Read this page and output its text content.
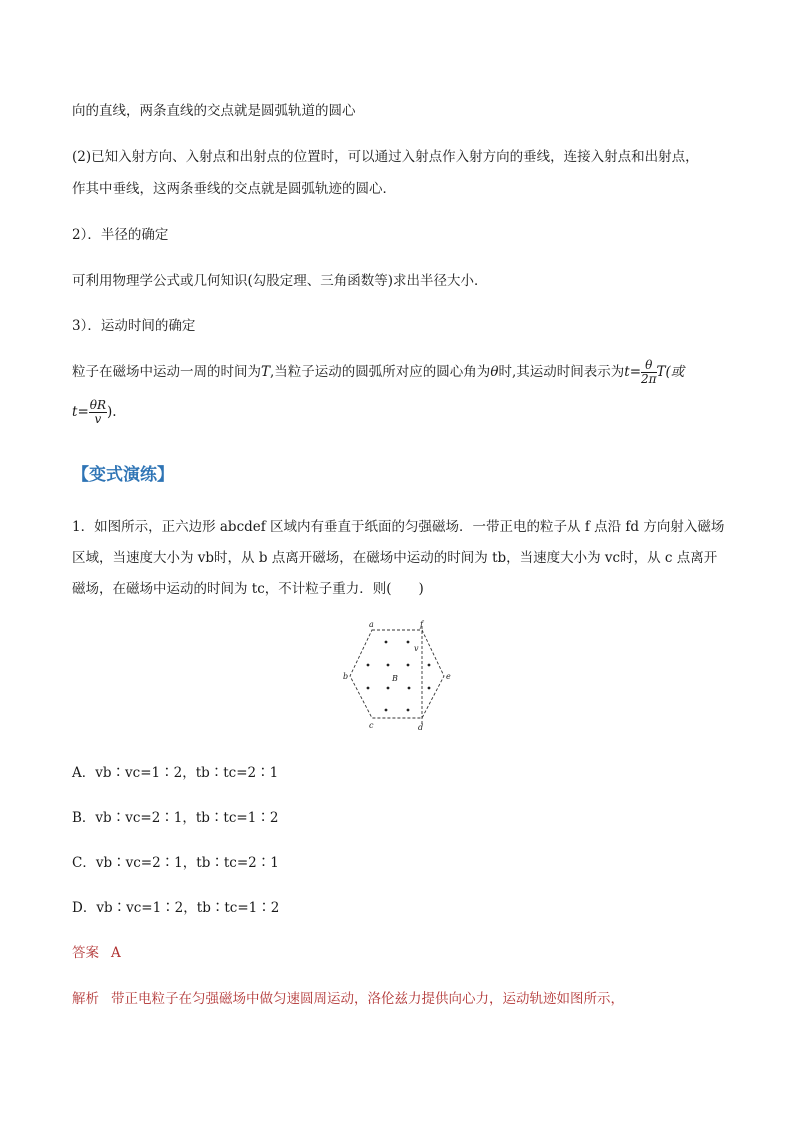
向的直线，两条直线的交点就是圆弧轨道的圆心
(2)已知入射方向、入射点和出射点的位置时，可以通过入射点作入射方向的垂线，连接入射点和出射点，
作其中垂线，这两条垂线的交点就是圆弧轨迹的圆心．
2）．半径的确定
可利用物理学公式或几何知识(勾股定理、三角函数等)求出半径大小．
3）．运动时间的确定
粒子在磁场中运动一周的时间为T,当粒子运动的圆弧所对应的圆心角为θ时,其运动时间表示为$t= \frac{\theta}{2\pi} T$(或
$t= \frac{\theta R}{v}$ ).
【变式演练】
1．如图所示，正六边形 abcdef 区域内有垂直于纸面的匀强磁场．一带正电的粒子从 f 点沿 fd 方向射入磁场
区域，当速度大小为 vb时，从 b 点离开磁场，在磁场中运动的时间为 tb，当速度大小为 vc时，从 c 点离开
磁场，在磁场中运动的时间为 tc，不计粒子重力．则(　　)
a	f
b	e
c	d
B
v
A．vb∶vc=1∶2，tb∶tc=2∶1
B．vb∶vc=2∶1，tb∶tc=1∶2
C．vb∶vc=2∶1，tb∶tc=2∶1
D．vb∶vc=1∶2，tb∶tc=1∶2
答案 A
解析 带正电粒子在匀强磁场中做匀速圆周运动，洛伦兹力提供向心力，运动轨迹如图所示，
